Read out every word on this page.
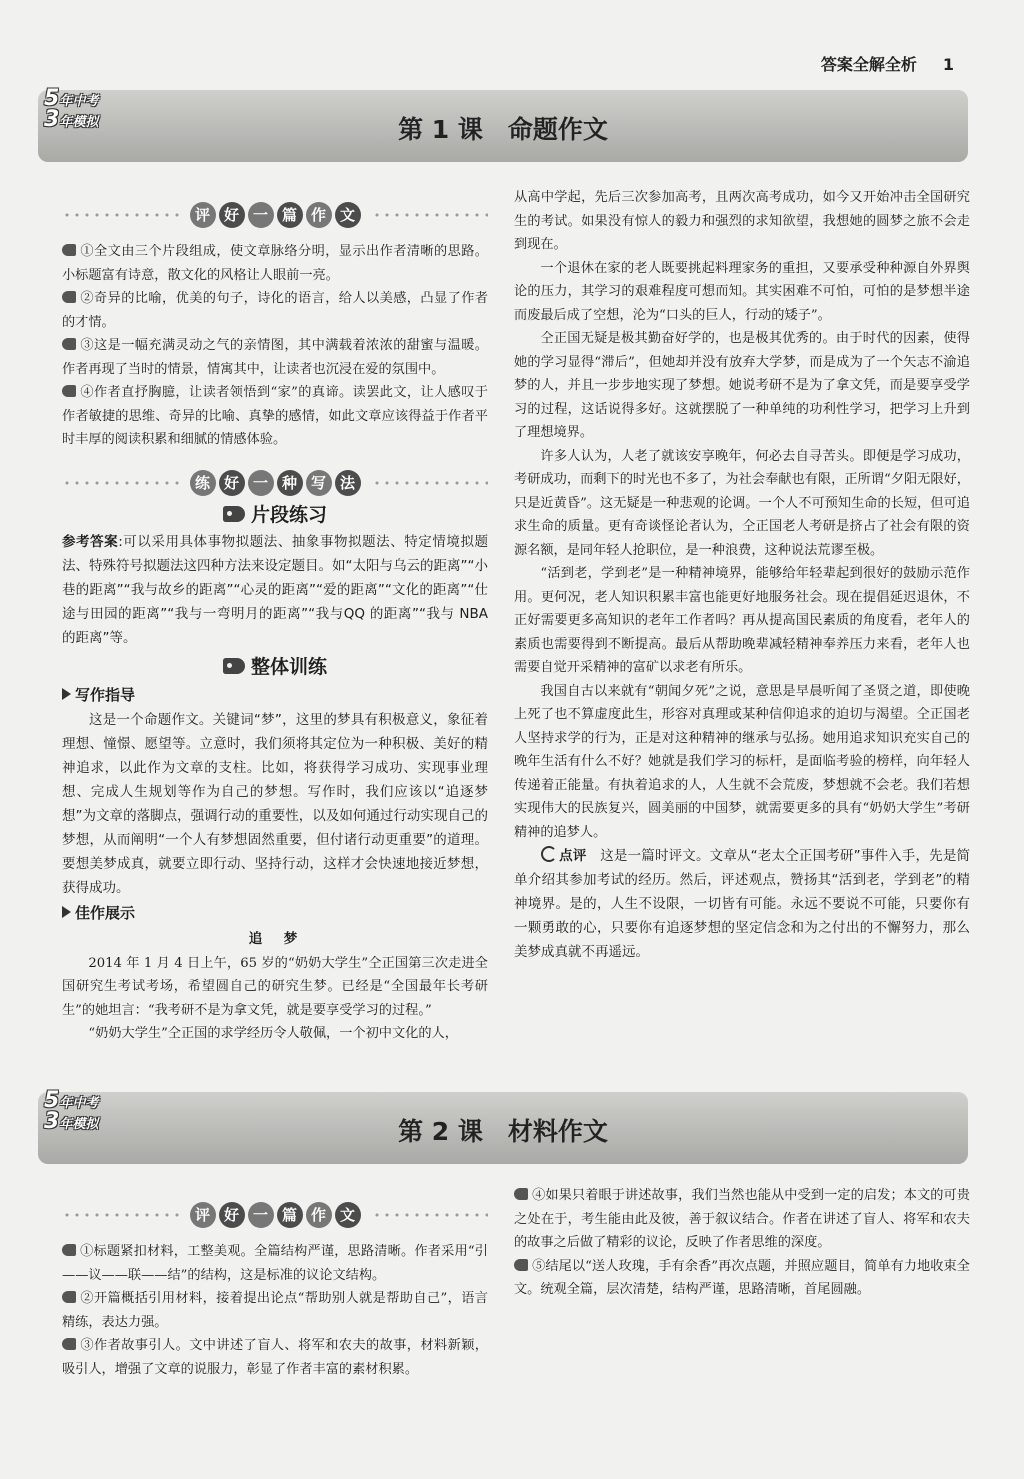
答案全解全析 1
5年中考
3年模拟	第 1 课　命题作文
评 好 一 篇 作 文

①全文由三个片段组成，使文章脉络分明，显示出作者清晰的思路。小标题富有诗意，散文化的风格让人眼前一亮。

②奇异的比喻，优美的句子，诗化的语言，给人以美感，凸显了作者的才情。

③这是一幅充满灵动之气的亲情图，其中满载着浓浓的甜蜜与温暖。作者再现了当时的情景，情寓其中，让读者也沉浸在爱的氛围中。

④作者直抒胸臆，让读者领悟到“家”的真谛。读罢此文，让人感叹于作者敏捷的思维、奇异的比喻、真挚的感情，如此文章应该得益于作者平时丰厚的阅读积累和细腻的情感体验。

练 好 一 种 写 法
片段练习

参考答案:可以采用具体事物拟题法、抽象事物拟题法、特定情境拟题法、特殊符号拟题法这四种方法来设定题目。如“太阳与乌云的距离”“小巷的距离”“我与故乡的距离”“心灵的距离”“爱的距离”“文化的距离”“仕途与田园的距离”“我与一弯明月的距离”“我与QQ 的距离”“我与 NBA 的距离”等。

整体训练
写作指导

这是一个命题作文。关键词“梦”，这里的梦具有积极意义，象征着理想、憧憬、愿望等。立意时，我们须将其定位为一种积极、美好的精神追求，以此作为文章的支柱。比如，将获得学习成功、实现事业理想、完成人生规划等作为自己的梦想。写作时，我们应该以“追逐梦想”为文章的落脚点，强调行动的重要性，以及如何通过行动实现自己的梦想，从而阐明“一个人有梦想固然重要，但付诸行动更重要”的道理。要想美梦成真，就要立即行动、坚持行动，这样才会快速地接近梦想，获得成功。

佳作展示
追　梦

2014 年 1 月 4 日上午，65 岁的“奶奶大学生”仝正国第三次走进全国研究生考试考场，希望圆自己的研究生梦。已经是“全国最年长考研生”的她坦言：“我考研不是为拿文凭，就是要享受学习的过程。”

“奶奶大学生”仝正国的求学经历令人敬佩，一个初中文化的人，

从高中学起，先后三次参加高考，且两次高考成功，如今又开始冲击全国研究生的考试。如果没有惊人的毅力和强烈的求知欲望，我想她的圆梦之旅不会走到现在。

一个退休在家的老人既要挑起料理家务的重担，又要承受种种源自外界舆论的压力，其学习的艰难程度可想而知。其实困难不可怕，可怕的是梦想半途而废最后成了空想，沦为“口头的巨人，行动的矮子”。

仝正国无疑是极其勤奋好学的，也是极其优秀的。由于时代的因素，使得她的学习显得“滞后”，但她却并没有放弃大学梦，而是成为了一个矢志不渝追梦的人，并且一步步地实现了梦想。她说考研不是为了拿文凭，而是要享受学习的过程，这话说得多好。这就摆脱了一种单纯的功利性学习，把学习上升到了理想境界。

许多人认为，人老了就该安享晚年，何必去自寻苦头。即便是学习成功，考研成功，而剩下的时光也不多了，为社会奉献也有限，正所谓“夕阳无限好，只是近黄昏”。这无疑是一种悲观的论调。一个人不可预知生命的长短，但可追求生命的质量。更有奇谈怪论者认为，仝正国老人考研是挤占了社会有限的资源名额，是同年轻人抢职位，是一种浪费，这种说法荒谬至极。

“活到老，学到老”是一种精神境界，能够给年轻辈起到很好的鼓励示范作用。更何况，老人知识积累丰富也能更好地服务社会。现在提倡延迟退休，不正好需要更多高知识的老年工作者吗？再从提高国民素质的角度看，老年人的素质也需要得到不断提高。最后从帮助晚辈减轻精神奉养压力来看，老年人也需要自觉开采精神的富矿以求老有所乐。

我国自古以来就有“朝闻夕死”之说，意思是早晨听闻了圣贤之道，即使晚上死了也不算虚度此生，形容对真理或某种信仰追求的迫切与渴望。仝正国老人坚持求学的行为，正是对这种精神的继承与弘扬。她用追求知识充实自己的晚年生活有什么不好？她就是我们学习的标杆，是面临考验的榜样，向年轻人传递着正能量。有执着追求的人，人生就不会荒废，梦想就不会老。我们若想实现伟大的民族复兴，圆美丽的中国梦，就需要更多的具有“奶奶大学生”考研精神的追梦人。

点评　 这是一篇时评文。文章从“老太仝正国考研”事件入手，先是简单介绍其参加考试的经历。然后，评述观点，赞扬其“活到老，学到老”的精神境界。是的，人生不设限，一切皆有可能。永远不要说不可能，只要你有一颗勇敢的心，只要你有追逐梦想的坚定信念和为之付出的不懈努力，那么美梦成真就不再遥远。

5年中考
3年模拟	第 2 课　材料作文
评 好 一 篇 作 文

①标题紧扣材料，工整美观。全篇结构严谨，思路清晰。作者采用“引——议——联——结”的结构，这是标准的议论文结构。

②开篇概括引用材料，接着提出论点“帮助别人就是帮助自己”，语言精练，表达力强。

③作者故事引人。文中讲述了盲人、将军和农夫的故事，材料新颖，吸引人，增强了文章的说服力，彰显了作者丰富的素材积累。

④如果只着眼于讲述故事，我们当然也能从中受到一定的启发；本文的可贵之处在于，考生能由此及彼，善于叙议结合。作者在讲述了盲人、将军和农夫的故事之后做了精彩的议论，反映了作者思维的深度。

⑤结尾以“送人玫瑰，手有余香”再次点题，并照应题目，简单有力地收束全文。统观全篇，层次清楚，结构严谨，思路清晰，首尾圆融。
